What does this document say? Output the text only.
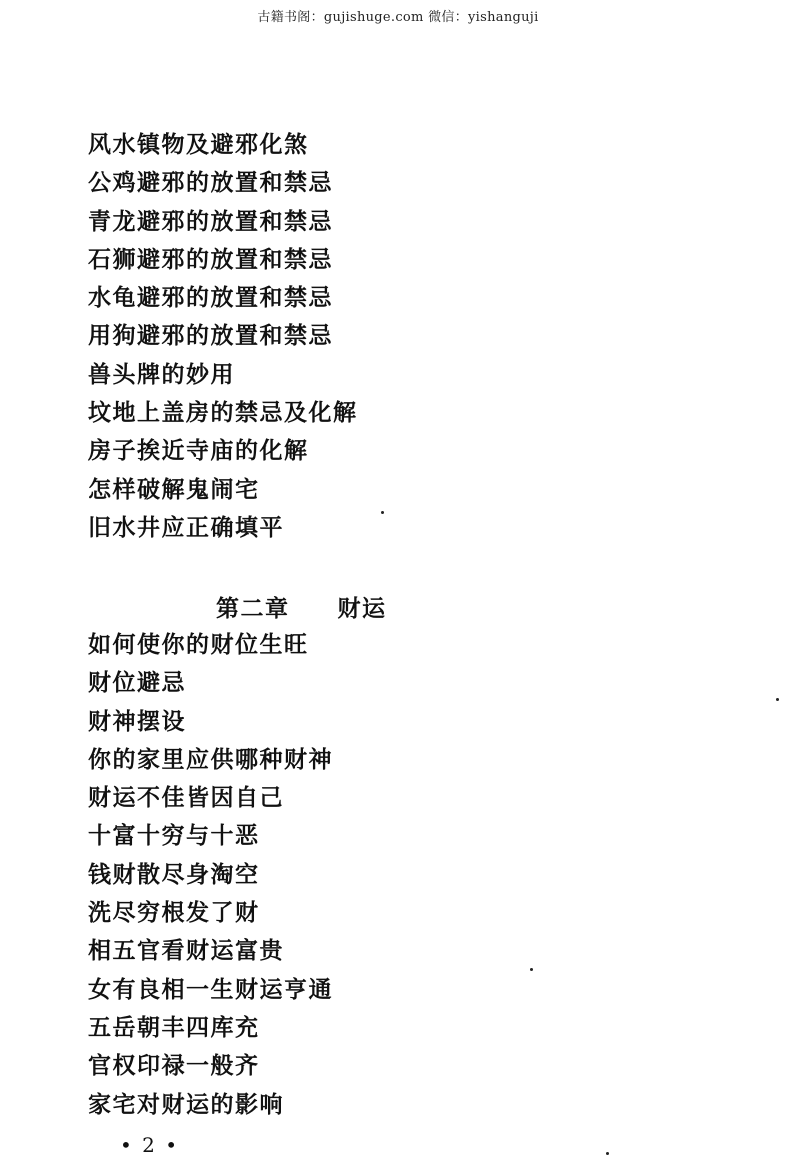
古籍书阁：gujishuge.com 微信：yishanguji
风水镇物及避邪化煞
公鸡避邪的放置和禁忌
青龙避邪的放置和禁忌
石狮避邪的放置和禁忌
水龟避邪的放置和禁忌
用狗避邪的放置和禁忌
兽头牌的妙用
坟地上盖房的禁忌及化解
房子挨近寺庙的化解
怎样破解鬼闹宅
旧水井应正确填平
第二章 财运
如何使你的财位生旺
财位避忌
财神摆设
你的家里应供哪种财神
财运不佳皆因自己
十富十穷与十恶
钱财散尽身淘空
洗尽穷根发了财
相五官看财运富贵
女有良相一生财运亨通
五岳朝丰四库充
官权印禄一般齐
家宅对财运的影响
• 2 •
